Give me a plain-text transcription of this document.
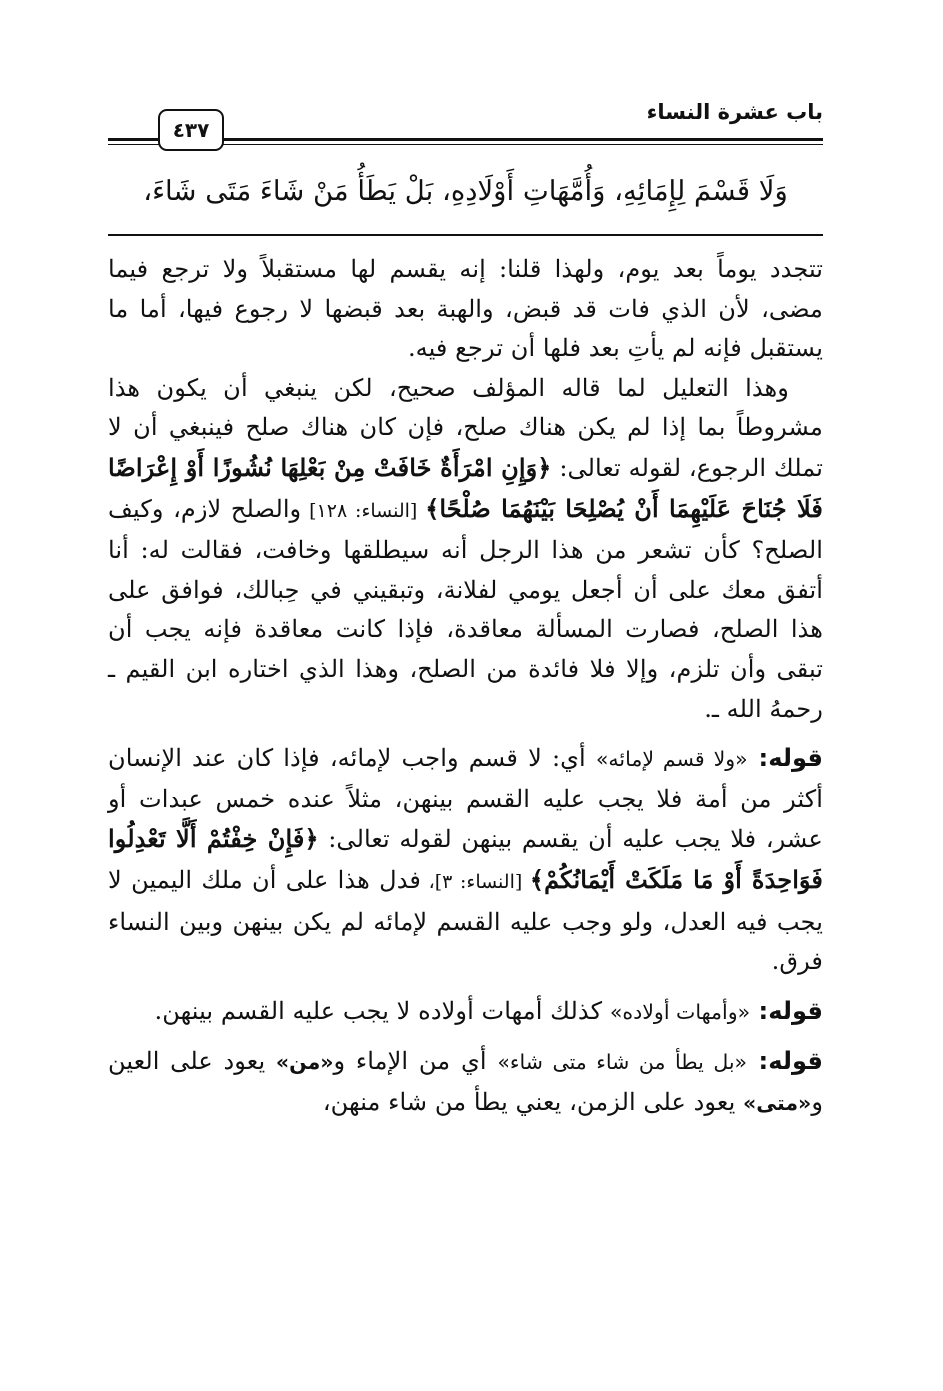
باب عشرة النساء
٤٣٧
وَلَا قَسْمَ لِإِمَائِهِ، وَأُمَّهَاتِ أَوْلَادِهِ، بَلْ يَطَأُ مَنْ شَاءَ مَتَى شَاءَ،

تتجدد يوماً بعد يوم، ولهذا قلنا: إنه يقسم لها مستقبلاً ولا ترجع فيما مضى، لأن الذي فات قد قبض، والهبة بعد قبضها لا رجوع فيها، أما ما يستقبل فإنه لم يأتِ بعد فلها أن ترجع فيه.

وهذا التعليل لما قاله المؤلف صحيح، لكن ينبغي أن يكون هذا مشروطاً بما إذا لم يكن هناك صلح، فإن كان هناك صلح فينبغي أن لا تملك الرجوع، لقوله تعالى: ﴿وَإِنِ امْرَأَةٌ خَافَتْ مِنْ بَعْلِهَا نُشُوزًا أَوْ إِعْرَاضًا فَلَا جُنَاحَ عَلَيْهِمَا أَنْ يُصْلِحَا بَيْنَهُمَا صُلْحًا﴾ [النساء: ١٢٨] والصلح لازم، وكيف الصلح؟ كأن تشعر من هذا الرجل أنه سيطلقها وخافت، فقالت له: أنا أتفق معك على أن أجعل يومي لفلانة، وتبقيني في حِبالك، فوافق على هذا الصلح، فصارت المسألة معاقدة، فإذا كانت معاقدة فإنه يجب أن تبقى وأن تلزم، وإلا فلا فائدة من الصلح، وهذا الذي اختاره ابن القيم ـ رحمهُ الله ـ.

قوله: «ولا قسم لإمائه» أي: لا قسم واجب لإمائه، فإذا كان عند الإنسان أكثر من أمة فلا يجب عليه القسم بينهن، مثلاً عنده خمس عبدات أو عشر، فلا يجب عليه أن يقسم بينهن لقوله تعالى: ﴿فَإِنْ خِفْتُمْ أَلَّا تَعْدِلُوا فَوَاحِدَةً أَوْ مَا مَلَكَتْ أَيْمَانُكُمْ﴾ [النساء: ٣]، فدل هذا على أن ملك اليمين لا يجب فيه العدل، ولو وجب عليه القسم لإمائه لم يكن بينهن وبين النساء فرق.

قوله: «وأمهات أولاده» كذلك أمهات أولاده لا يجب عليه القسم بينهن.

قوله: «بل يطأ من شاء متى شاء» أي من الإماء و«من» يعود على العين و«متى» يعود على الزمن، يعني يطأ من شاء منهن،
